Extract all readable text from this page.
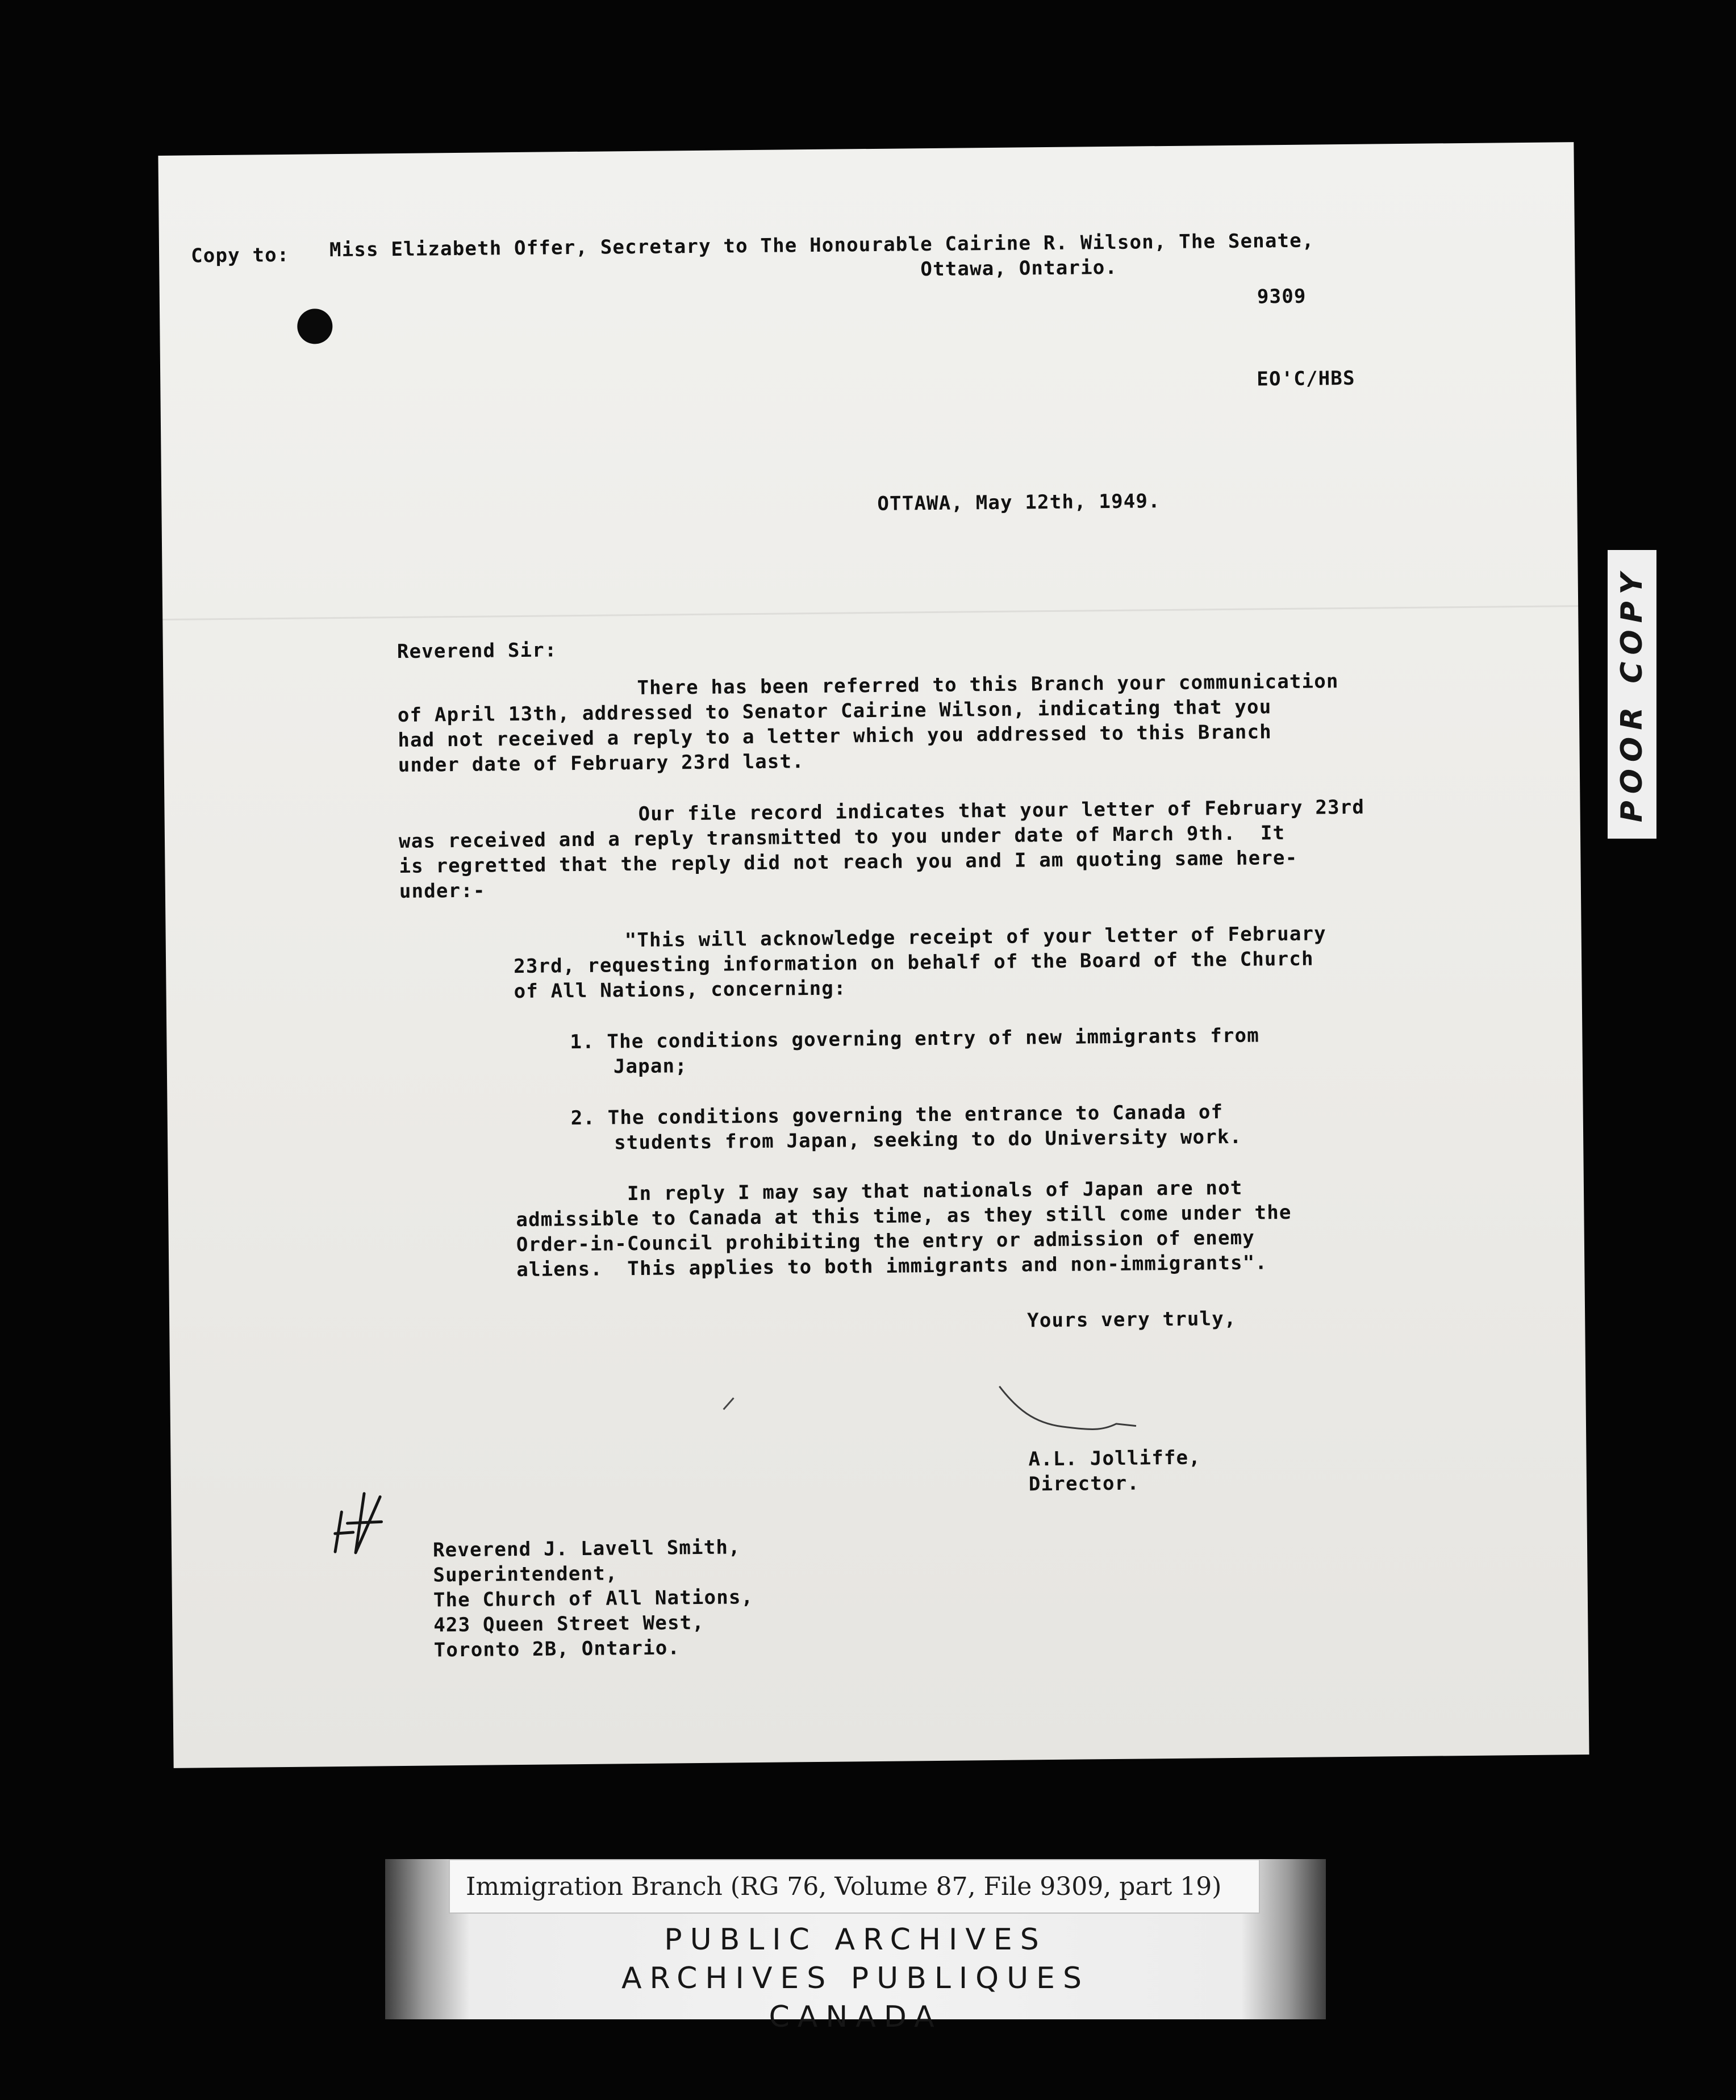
Copy to: Miss Elizabeth Offer, Secretary to The Honourable Cairine R. Wilson, The Senate,
Ottawa, Ontario.
9309
EO'C/HBS
OTTAWA, May 12th, 1949.
Reverend Sir:
There has been referred to this Branch your communication
of April 13th, addressed to Senator Cairine Wilson, indicating that you
had not received a reply to a letter which you addressed to this Branch
under date of February 23rd last.
Our file record indicates that your letter of February 23rd
was received and a reply transmitted to you under date of March 9th.  It
is regretted that the reply did not reach you and I am quoting same here-
under:-
"This will acknowledge receipt of your letter of February
23rd, requesting information on behalf of the Board of the Church
of All Nations, concerning:
1. The conditions governing entry of new immigrants from
Japan;
2. The conditions governing the entrance to Canada of
students from Japan, seeking to do University work.
In reply I may say that nationals of Japan are not
admissible to Canada at this time, as they still come under the
Order-in-Council prohibiting the entry or admission of enemy
aliens.  This applies to both immigrants and non-immigrants".
Yours very truly,
A.L. Jolliffe,
Director.
Reverend J. Lavell Smith,
Superintendent,
The Church of All Nations,
423 Queen Street West,
Toronto 2B, Ontario.
POOR COPY
Immigration Branch (RG 76, Volume 87, File 9309, part 19)
PUBLIC ARCHIVES
ARCHIVES PUBLIQUES
CANADA
